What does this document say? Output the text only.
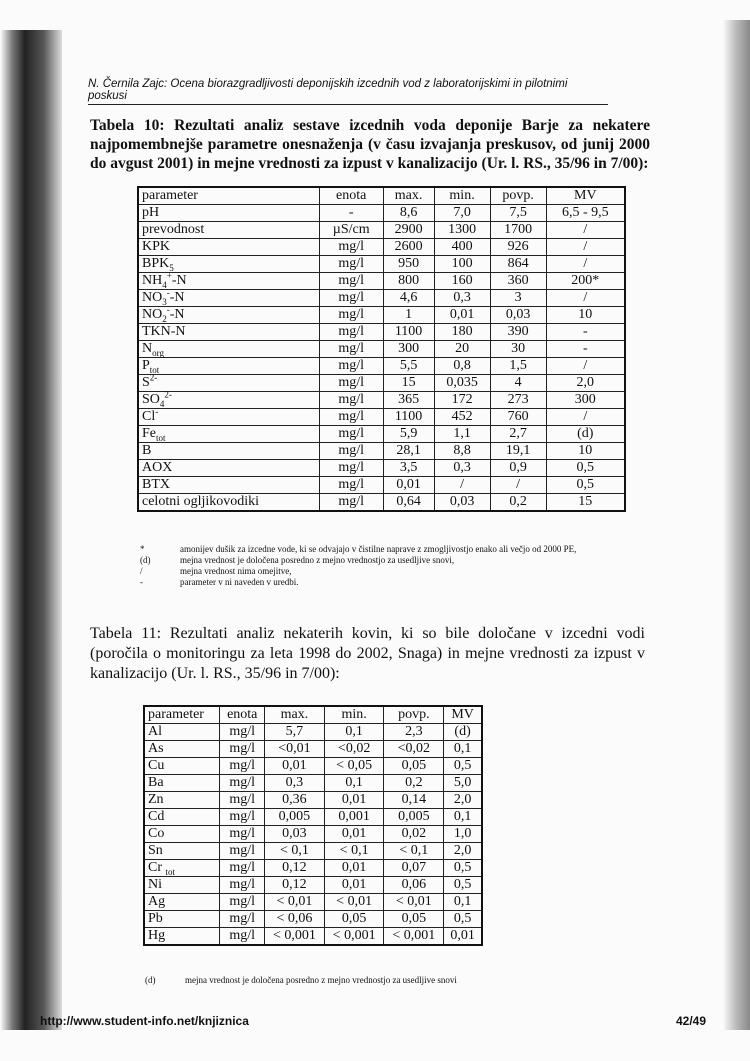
N. Černila Zajc: Ocena biorazgradljivosti deponijskih izcednih vod z laboratorijskimi in pilotnimi poskusi
Tabela 10: Rezultati analiz sestave izcednih voda deponije Barje za nekatere najpomembnejše parametre onesnaženja (v času izvajanja preskusov, od junij 2000 do avgust 2001) in mejne vrednosti za izpust v kanalizacijo (Ur. l. RS., 35/96 in 7/00):
parameter	enota	max.	min.	povp.	MV
pH	-	8,6	7,0	7,5	6,5 - 9,5
prevodnost	µS/cm	2900	1300	1700	/
KPK	mg/l	2600	400	926	/
$BPK_5$	mg/l	950	100	864	/
$NH_4^+-N$	mg/l	800	160	360	200*
$NO_3^--N$	mg/l	4,6	0,3	3	/
$NO_2^--N$	mg/l	1	0,01	0,03	10
TKN-N	mg/l	1100	180	390	-
$N_{org}$	mg/l	300	20	30	-
$P_{tot}$	mg/l	5,5	0,8	1,5	/
$S^{2-}$	mg/l	15	0,035	4	2,0
$SO_4^{2-}$	mg/l	365	172	273	300
Cl-	mg/l	1100	452	760	/
$Fe_{tot}$	mg/l	5,9	1,1	2,7	(d)
B	mg/l	28,1	8,8	19,1	10
AOX	mg/l	3,5	0,3	0,9	0,5
BTX	mg/l	0,01	/	/	0,5
celotni ogljikovodiki	mg/l	0,64	0,03	0,2	15
*	amonijev dušik za izcedne vode, ki se odvajajo v čistilne naprave z zmogljivostjo enako ali večjo od 2000 PE,
(d)	mejna vrednost je določena posredno z mejno vrednostjo za usedljive snovi,
/	mejna vrednost nima omejitve,
-	parameter v ni naveden v uredbi.
Tabela 11: Rezultati analiz nekaterih kovin, ki so bile določane v izcedni vodi (poročila o monitoringu za leta 1998 do 2002, Snaga) in mejne vrednosti za izpust v kanalizacijo (Ur. l. RS., 35/96 in 7/00):
parameter	enota	max.	min.	povp.	MV
Al	mg/l	5,7	0,1	2,3	(d)
As	mg/l	<0,01	<0,02	<0,02	0,1
Cu	mg/l	0,01	< 0,05	0,05	0,5
Ba	mg/l	0,3	0,1	0,2	5,0
Zn	mg/l	0,36	0,01	0,14	2,0
Cd	mg/l	0,005	0,001	0,005	0,1
Co	mg/l	0,03	0,01	0,02	1,0
Sn	mg/l	< 0,1	< 0,1	< 0,1	2,0
Cr $_{tot}$	mg/l	0,12	0,01	0,07	0,5
Ni	mg/l	0,12	0,01	0,06	0,5
Ag	mg/l	< 0,01	< 0,01	< 0,01	0,1
Pb	mg/l	< 0,06	0,05	0,05	0,5
Hg	mg/l	< 0,001	< 0,001	< 0,001	0,01
(d)	mejna vrednost je določena posredno z mejno vrednostjo za usedljive snovi
http://www.student-info.net/knjiznica	42/49
